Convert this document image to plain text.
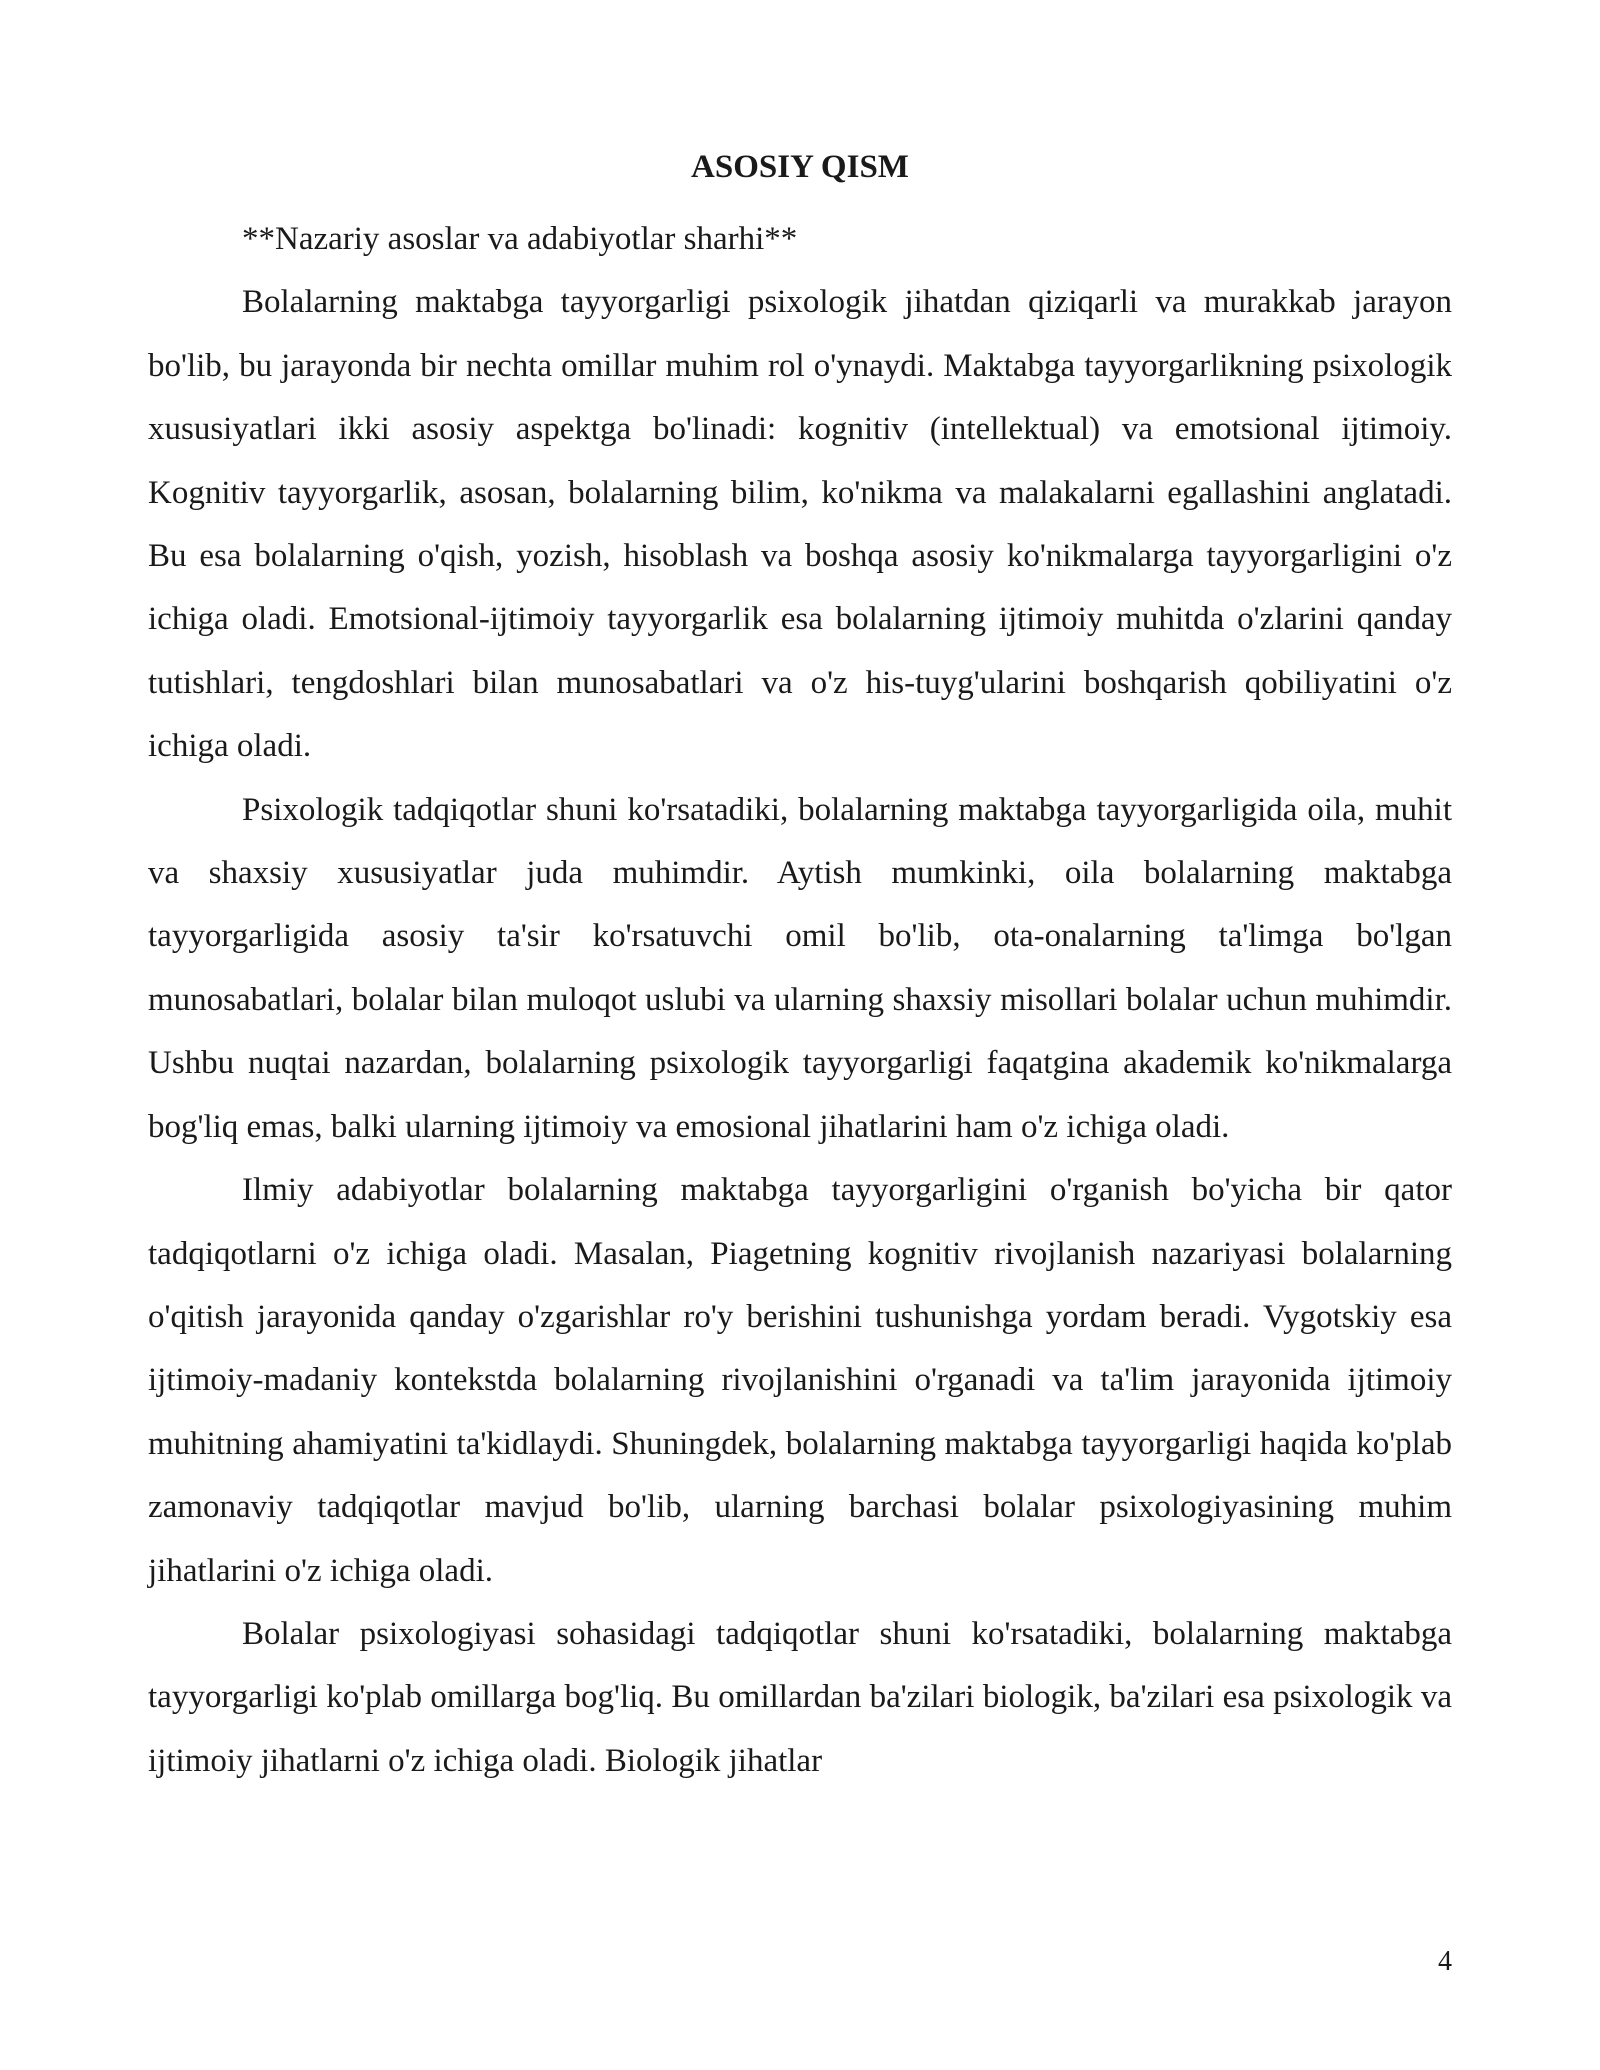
ASOSIY QISM

**Nazariy asoslar va adabiyotlar sharhi**

Bolalarning maktabga tayyorgarligi psixologik jihatdan qiziqarli va murakkab jarayon bo'lib, bu jarayonda bir nechta omillar muhim rol o'ynaydi. Maktabga tayyorgarlikning psixologik xususiyatlari ikki asosiy aspektga bo'linadi: kognitiv (intellektual) va emotsional ijtimoiy. Kognitiv tayyorgarlik, asosan, bolalarning bilim, ko'nikma va malakalarni egallashini anglatadi. Bu esa bolalarning o'qish, yozish, hisoblash va boshqa asosiy ko'nikmalarga tayyorgarligini o'z ichiga oladi. Emotsional-ijtimoiy tayyorgarlik esa bolalarning ijtimoiy muhitda o'zlarini qanday tutishlari, tengdoshlari bilan munosabatlari va o'z his-tuyg'ularini boshqarish qobiliyatini o'z ichiga oladi.

Psixologik tadqiqotlar shuni ko'rsatadiki, bolalarning maktabga tayyorgarligida oila, muhit va shaxsiy xususiyatlar juda muhimdir. Aytish mumkinki, oila bolalarning maktabga tayyorgarligida asosiy ta'sir ko'rsatuvchi omil bo'lib, ota-onalarning ta'limga bo'lgan munosabatlari, bolalar bilan muloqot uslubi va ularning shaxsiy misollari bolalar uchun muhimdir. Ushbu nuqtai nazardan, bolalarning psixologik tayyorgarligi faqatgina akademik ko'nikmalarga bog'liq emas, balki ularning ijtimoiy va emosional jihatlarini ham o'z ichiga oladi.

Ilmiy adabiyotlar bolalarning maktabga tayyorgarligini o'rganish bo'yicha bir qator tadqiqotlarni o'z ichiga oladi. Masalan, Piagetning kognitiv rivojlanish nazariyasi bolalarning o'qitish jarayonida qanday o'zgarishlar ro'y berishini tushunishga yordam beradi. Vygotskiy esa ijtimoiy-madaniy kontekstda bolalarning rivojlanishini o'rganadi va ta'lim jarayonida ijtimoiy muhitning ahamiyatini ta'kidlaydi. Shuningdek, bolalarning maktabga tayyorgarligi haqida ko'plab zamonaviy tadqiqotlar mavjud bo'lib, ularning barchasi bolalar psixologiyasining muhim jihatlarini o'z ichiga oladi.

Bolalar psixologiyasi sohasidagi tadqiqotlar shuni ko'rsatadiki, bolalarning maktabga tayyorgarligi ko'plab omillarga bog'liq. Bu omillardan ba'zilari biologik, ba'zilari esa psixologik va ijtimoiy jihatlarni o'z ichiga oladi. Biologik jihatlar

4
